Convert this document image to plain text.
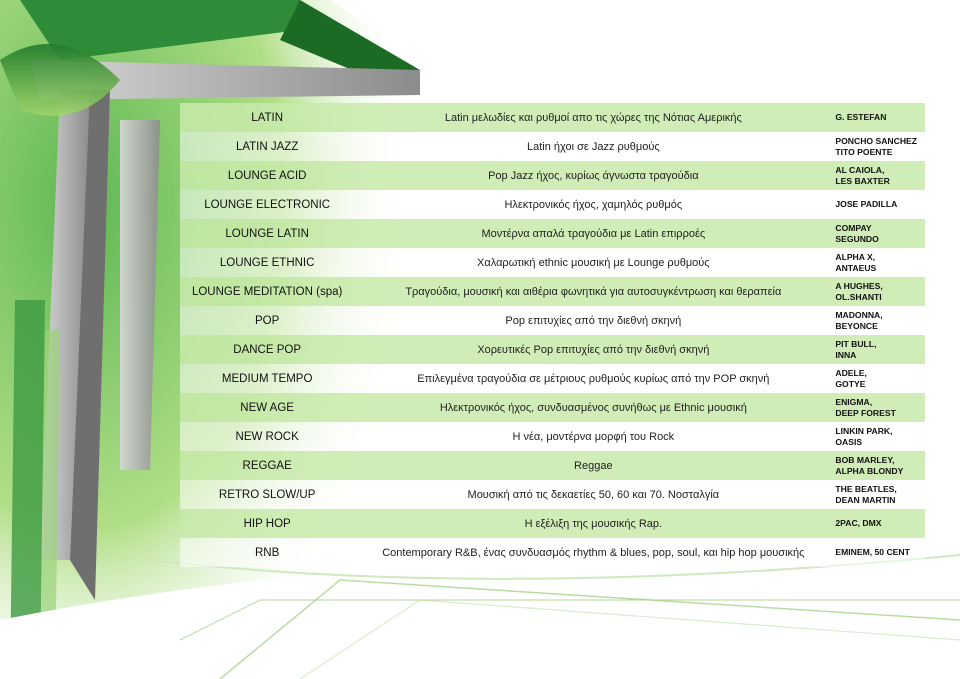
LATIN	Latin μελωδίες και ρυθμοί απο τις χώρες της Νότιας Αμερικής	G. ESTEFAN
LATIN JAZZ	Latin ήχοι σε Jazz ρυθμούς	PONCHO SANCHEZ
TITO POENTE
LOUNGE ACID	Pop Jazz ήχος, κυρίως άγνωστα τραγούδια	AL CAIOLA,
LES BAXTER
LOUNGE ELECTRONIC	Ηλεκτρονικός ήχος, χαμηλός ρυθμός	JOSE PADILLA
LOUNGE LATIN	Μοντέρνα απαλά τραγούδια με Latin επιρροές	COMPAY
SEGUNDO
LOUNGE ETHNIC	Χαλαρωτική ethnic μουσική με Lounge ρυθμούς	ALPHA X,
ANTAEUS
LOUNGE MEDITATION (spa)	Τραγούδια, μουσική και αιθέρια φωνητικά για αυτοσυγκέντρωση και θεραπεία	A HUGHES,
OL.SHANTI
POP	Pop επιτυχίες από την διεθνή σκηνή	MADONNA,
BEYONCE
DANCE POP	Χορευτικές Pop επιτυχίες από την διεθνή σκηνή	PIT BULL,
INNA
MEDIUM TEMPO	Επιλεγμένα τραγούδια σε μέτριους ρυθμούς κυρίως από την POP σκηνή	ADELE,
GOTYE
NEW AGE	Ηλεκτρονικός ήχος, συνδυασμένος συνήθως με Ethnic μουσική	ENIGMA,
DEEP FOREST
NEW ROCK	Η νέα, μοντέρνα μορφή του Rock	LINKIN PARK,
OASIS
REGGAE	Reggae	BOB MARLEY,
ALPHA BLONDY
RETRO SLOW/UP	Μουσική από τις δεκαετίες 50, 60 και 70. Νοσταλγία	THE BEATLES,
DEAN MARTIN
HIP HOP	Η εξέλιξη της μουσικής Rap.	2PAC, DMX
RNB	Contemporary R&B, ένας συνδυασμός rhythm & blues, pop, soul, και hip hop μουσικής	EMINEM, 50 CENT
